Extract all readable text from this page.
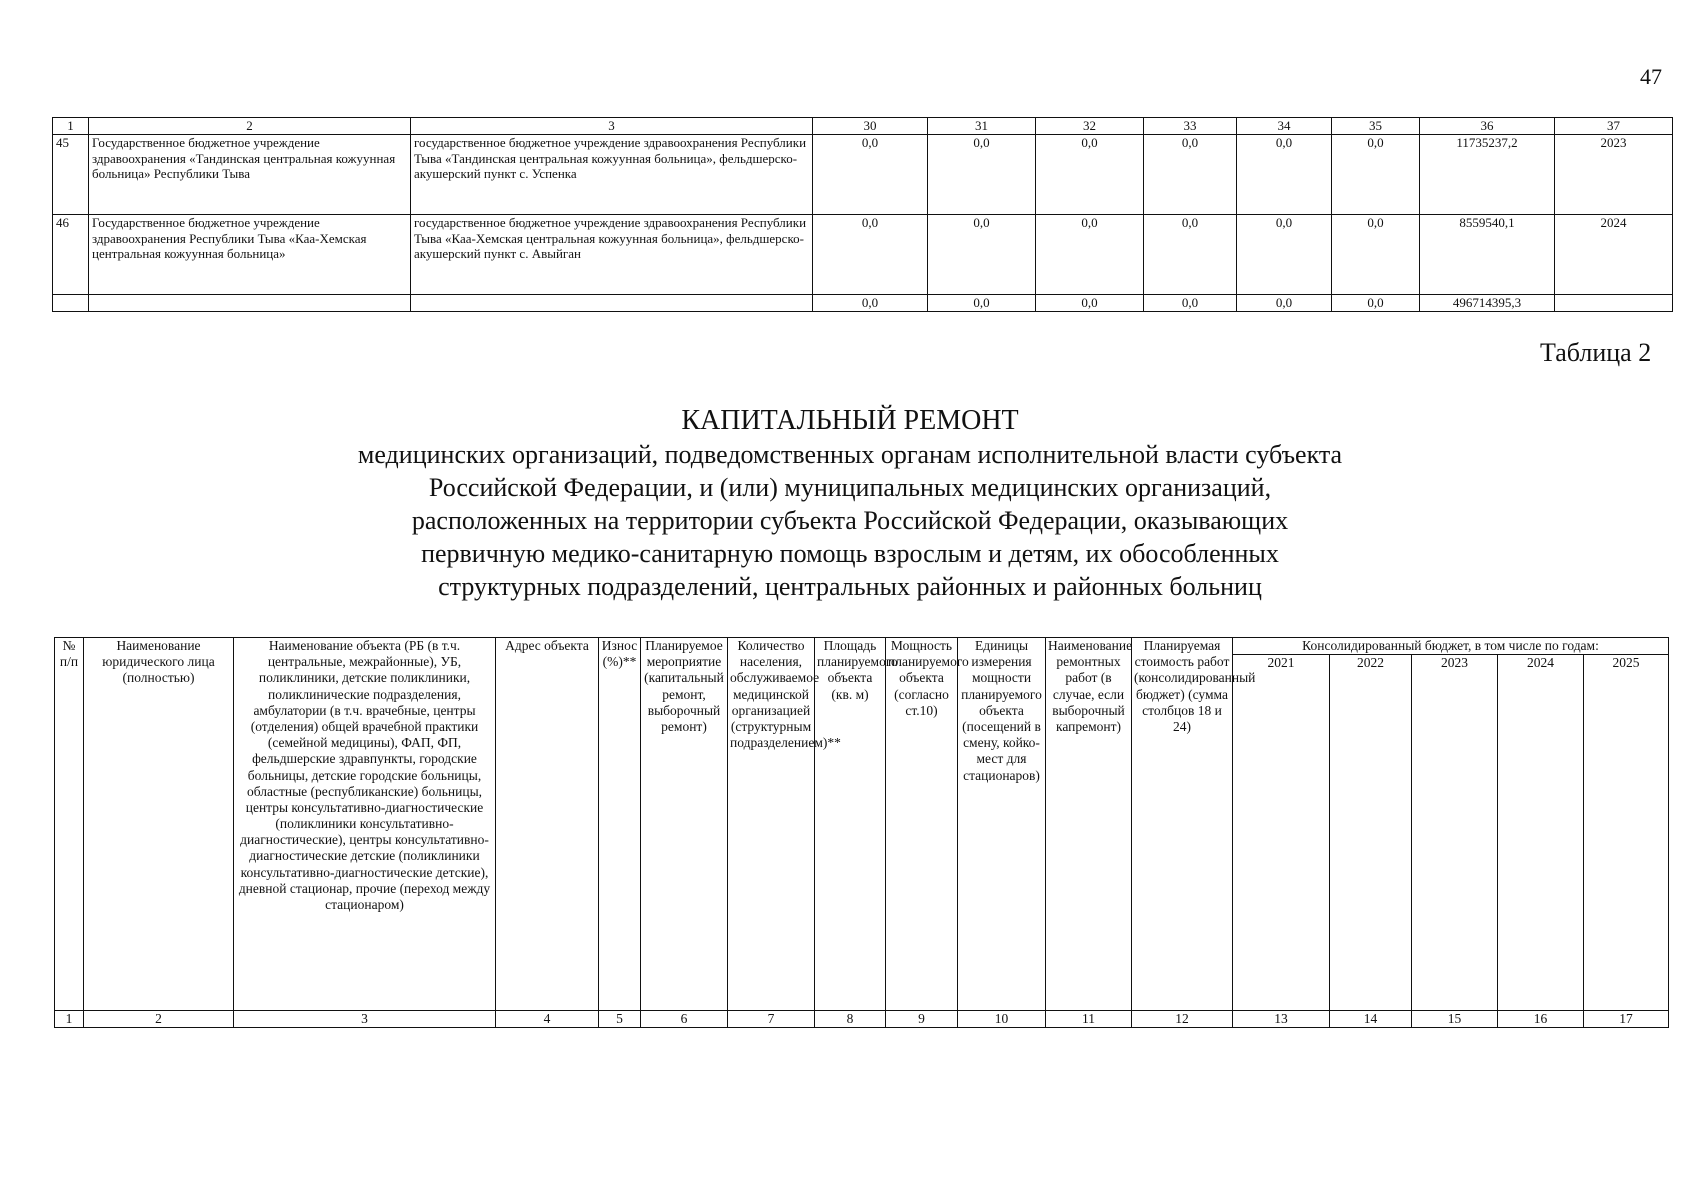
47
1	2	3	30	31	32	33	34	35	36	37
45	Государственное бюджетное учреждение здравоохранения «Тандинская центральная кожуунная больница» Республики Тыва	государственное бюджетное учреждение здравоохранения Республики Тыва «Тандинская центральная кожуунная больница», фельдшерско-акушерский пункт с. Успенка	0,0	0,0	0,0	0,0	0,0	0,0	11735237,2	2023
46	Государственное бюджетное учреждение здравоохранения Республики Тыва «Каа-Хемская центральная кожуунная больница»	государственное бюджетное учреждение здравоохранения Республики Тыва «Каа-Хемская центральная кожуунная больница», фельдшерско-акушерский пункт с. Авыйган	0,0	0,0	0,0	0,0	0,0	0,0	8559540,1	2024
			0,0	0,0	0,0	0,0	0,0	0,0	496714395,3	
Таблица 2
КАПИТАЛЬНЫЙ РЕМОНТ
медицинских организаций, подведомственных органам исполнительной власти субъекта
Российской Федерации, и (или) муниципальных медицинских организаций,
расположенных на территории субъекта Российской Федерации, оказывающих
первичную медико-санитарную помощь взрослым и детям, их обособленных
структурных подразделений, центральных районных и районных больниц
№ п/п	Наименование юридического лица (полностью)	Наименование объекта (РБ (в т.ч. центральные, межрайонные), УБ, поликлиники, детские поликлиники, поликлинические подразделения, амбулатории (в т.ч. врачебные, центры (отделения) общей врачебной практики (семейной медицины), ФАП, ФП, фельдшерские здравпункты, городские больницы, детские городские больницы, областные (республиканские) больницы, центры консультативно-диагностические (поликлиники консультативно-диагностические), центры консультативно-диагностические детские (поликлиники консультативно-диагностические детские), дневной стационар, прочие (переход между стационаром)	Адрес объекта	Износ (%)**	Планируемое мероприятие (капитальный ремонт, выборочный ремонт)	Количество населения, обслуживаемое медицинской организацией (структурным подразделением)**	Площадь планируемого объекта (кв. м)	Мощность планируемого объекта (согласно ст.10)	Единицы измерения мощности планируемого объекта (посещений в смену, койко-мест для стационаров)	Наименование ремонтных работ (в случае, если выборочный капремонт)	Планируемая стоимость работ (консолидированный бюджет) (сумма столбцов 18 и 24)	Консолидированный бюджет, в том числе по годам:				
												2021	2022	2023	2024	2025
1	2	3	4	5	6	7	8	9	10	11	12	13	14	15	16	17
